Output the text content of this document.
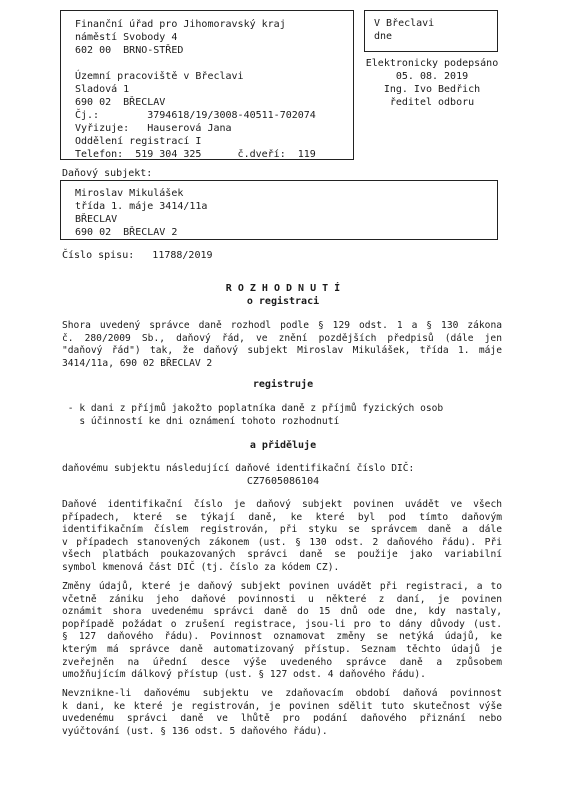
Finanční úřad pro Jihomoravský kraj
náměstí Svobody 4
602 00  BRNO-STŘED
Územní pracoviště v Břeclavi
Sladová 1
690 02  BŘECLAV
Čj.:        3794618/19/3008-40511-702074
Vyřizuje:   Hauserová Jana
Oddělení registrací I
Telefon:  519 304 325      č.dveří:  119
V Břeclavi
dne
Elektronicky podepsáno
05. 08. 2019
Ing. Ivo Bedřich
ředitel odboru
Daňový subjekt:
Miroslav Mikulášek
třída 1. máje 3414/11a
BŘECLAV
690 02  BŘECLAV 2
Číslo spisu:   11788/2019
R O Z H O D N U T Í
o registraci
Shora uvedený správce daně rozhodl podle § 129 odst. 1 a § 130 zákona
č. 280/2009 Sb., daňový řád, ve znění pozdějších předpisů (dále jen
"daňový řád") tak, že daňový subjekt Miroslav Mikulášek, třída 1. máje
3414/11a, 690 02 BŘECLAV 2
registruje
- k dani z příjmů jakožto poplatníka daně z příjmů fyzických osob
s účinností ke dni oznámení tohoto rozhodnutí
a přiděluje
daňovému subjektu následující daňové identifikační číslo DIČ:
CZ7605086104
Daňové identifikační číslo je daňový subjekt povinen uvádět ve všech
případech, které se týkají daně, ke které byl pod tímto daňovým
identifikačním číslem registrován, při styku se správcem daně a dále
v případech stanovených zákonem (ust. § 130 odst. 2 daňového řádu). Při
všech platbách poukazovaných správci daně se použije jako variabilní
symbol kmenová část DIČ (tj. číslo za kódem CZ).
Změny údajů, které je daňový subjekt povinen uvádět při registraci, a to
včetně zániku jeho daňové povinnosti u některé z daní, je povinen
oznámit shora uvedenému správci daně do 15 dnů ode dne, kdy nastaly,
popřípadě požádat o zrušení registrace, jsou-li pro to dány důvody (ust.
§ 127 daňového řádu). Povinnost oznamovat změny se netýká údajů, ke
kterým má správce daně automatizovaný přístup. Seznam těchto údajů je
zveřejněn na úřední desce výše uvedeného správce daně a způsobem
umožňujícím dálkový přístup (ust. § 127 odst. 4 daňového řádu).
Nevznikne-li daňovému subjektu ve zdaňovacím období daňová povinnost
k dani, ke které je registrován, je povinen sdělit tuto skutečnost výše
uvedenému správci daně ve lhůtě pro podání daňového přiznání nebo
vyúčtování (ust. § 136 odst. 5 daňového řádu).
